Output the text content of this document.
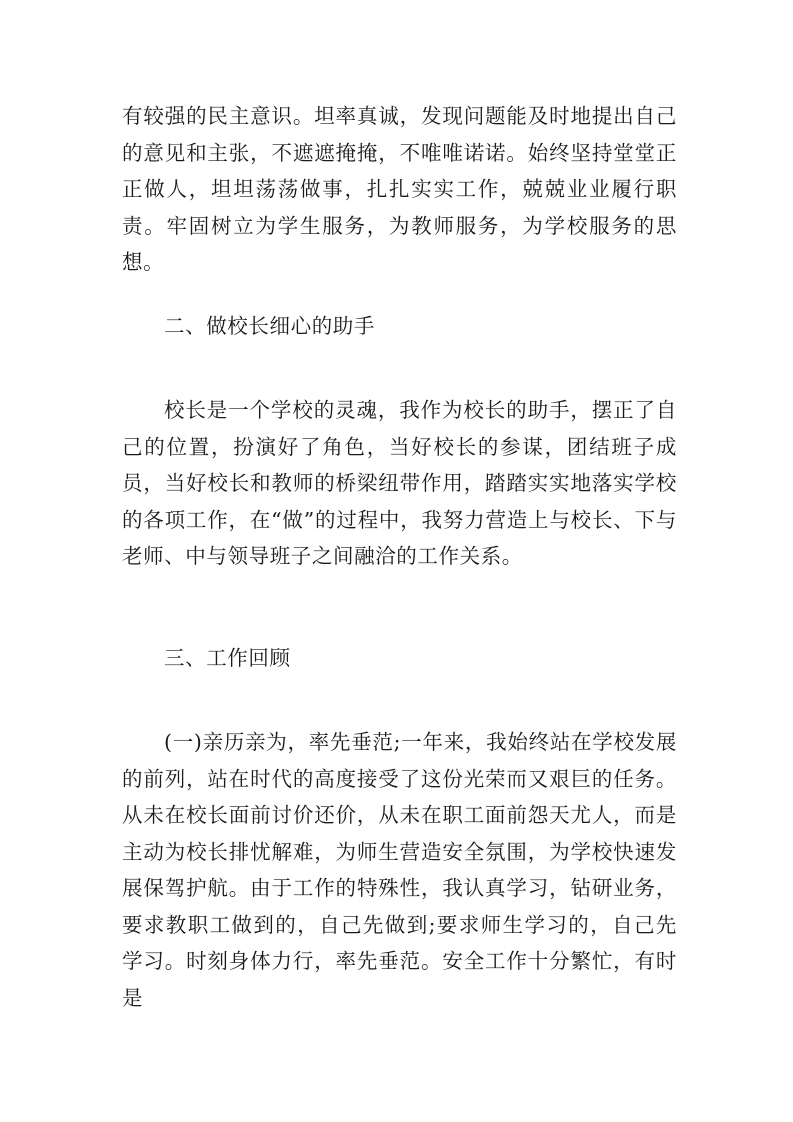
有较强的民主意识。坦率真诚，发现问题能及时地提出自己的意见和主张，不遮遮掩掩，不唯唯诺诺。始终坚持堂堂正正做人，坦坦荡荡做事，扎扎实实工作，兢兢业业履行职责。牢固树立为学生服务，为教师服务，为学校服务的思想。

二、做校长细心的助手

校长是一个学校的灵魂，我作为校长的助手，摆正了自己的位置，扮演好了角色，当好校长的参谋，团结班子成员，当好校长和教师的桥梁纽带作用，踏踏实实地落实学校的各项工作，在“做”的过程中，我努力营造上与校长、下与老师、中与领导班子之间融洽的工作关系。

三、工作回顾

(一)亲历亲为，率先垂范;一年来，我始终站在学校发展的前列，站在时代的高度接受了这份光荣而又艰巨的任务。从未在校长面前讨价还价，从未在职工面前怨天尤人，而是主动为校长排忧解难，为师生营造安全氛围，为学校快速发展保驾护航。由于工作的特殊性，我认真学习，钻研业务，要求教职工做到的，自己先做到;要求师生学习的，自己先学习。时刻身体力行，率先垂范。安全工作十分繁忙，有时是
